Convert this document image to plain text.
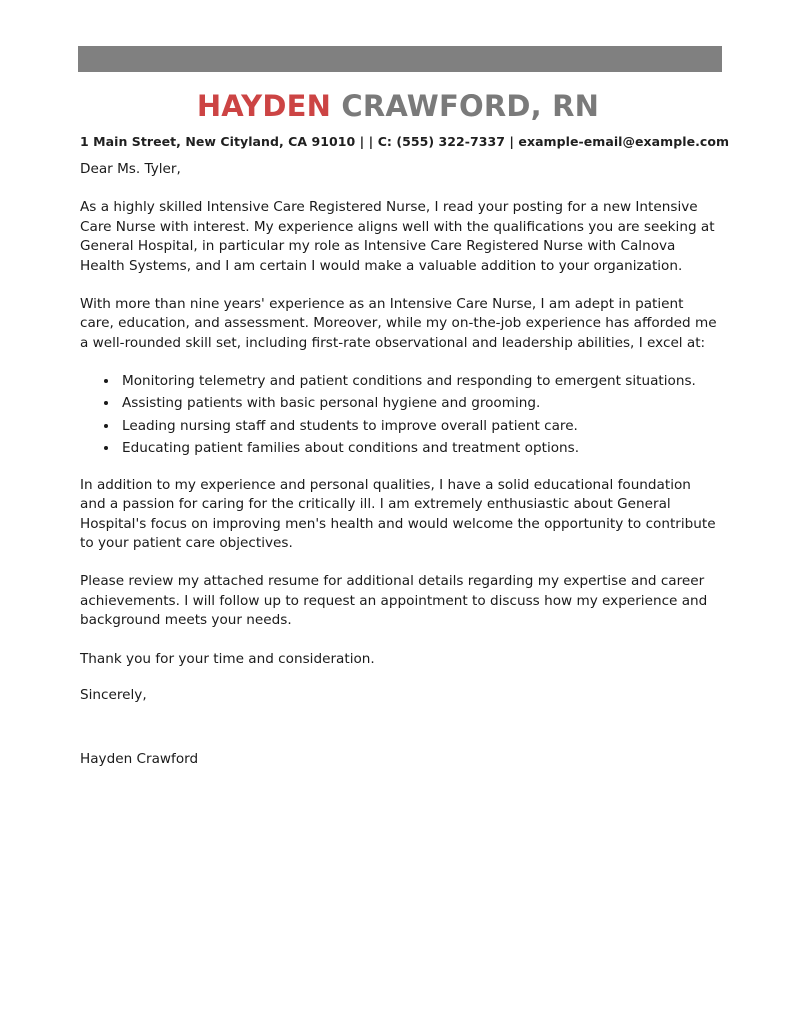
HAYDEN CRAWFORD, RN
1 Main Street, New Cityland, CA 91010 | | C: (555) 322-7337 | example-email@example.com

Dear Ms. Tyler,

As a highly skilled Intensive Care Registered Nurse, I read your posting for a new Intensive Care Nurse with interest. My experience aligns well with the qualifications you are seeking at General Hospital, in particular my role as Intensive Care Registered Nurse with Calnova Health Systems, and I am certain I would make a valuable addition to your organization.

With more than nine years' experience as an Intensive Care Nurse, I am adept in patient care, education, and assessment. Moreover, while my on-the-job experience has afforded me a well-rounded skill set, including first-rate observational and leadership abilities, I excel at:

Monitoring telemetry and patient conditions and responding to emergent situations.
Assisting patients with basic personal hygiene and grooming.
Leading nursing staff and students to improve overall patient care.
Educating patient families about conditions and treatment options.

In addition to my experience and personal qualities, I have a solid educational foundation and a passion for caring for the critically ill. I am extremely enthusiastic about General Hospital's focus on improving men's health and would welcome the opportunity to contribute to your patient care objectives.

Please review my attached resume for additional details regarding my expertise and career achievements. I will follow up to request an appointment to discuss how my experience and background meets your needs.

Thank you for your time and consideration.

Sincerely,

Hayden Crawford
